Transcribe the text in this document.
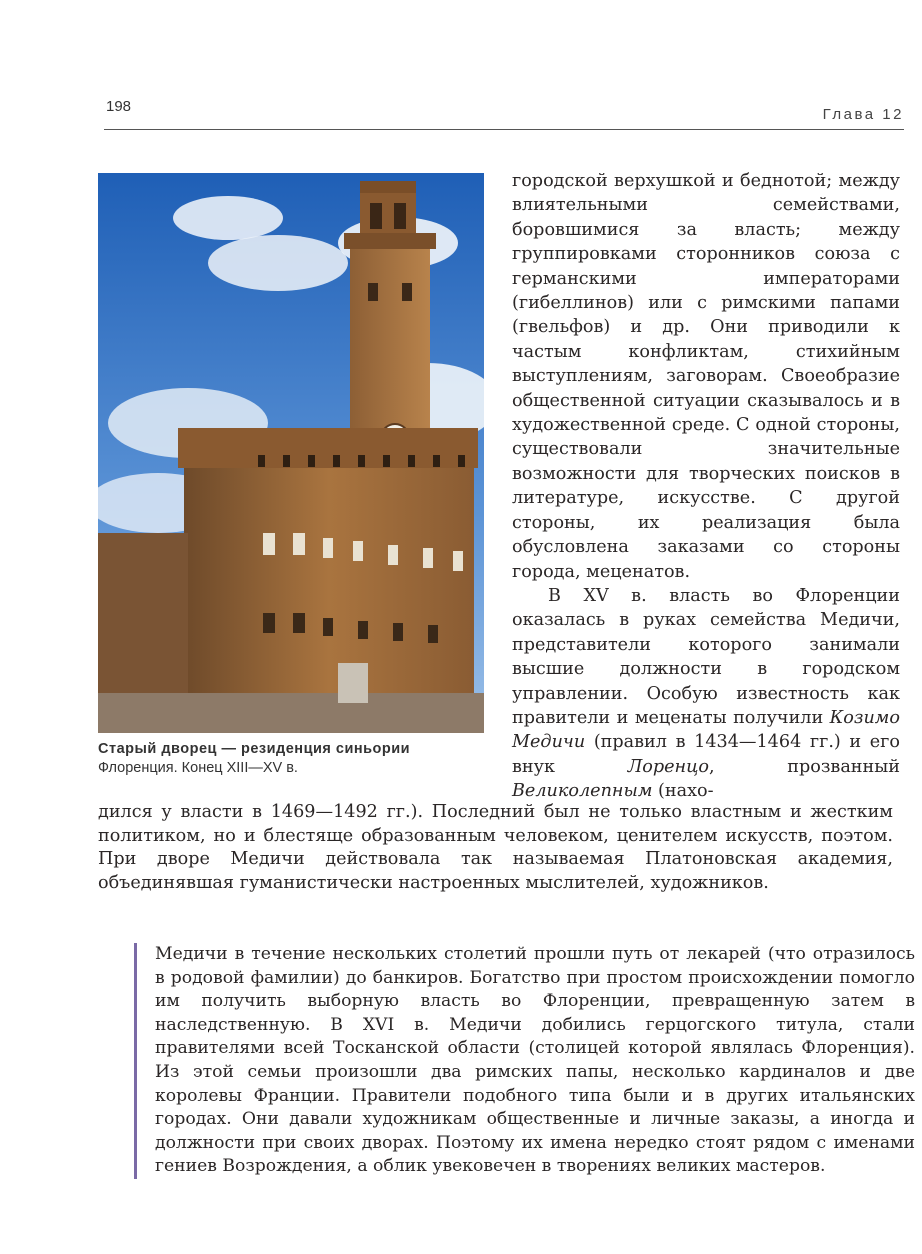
198	Глава 12
Старый дворец — резиденция синьории
Флоренция. Конец XIII—XV в.

городской верхушкой и беднотой; между влиятельными семействами, боровшимися за власть; между группировками сторонников союза с германскими императорами (гибеллинов) или с римскими папами (гвельфов) и др. Они приводили к частым конфликтам, стихийным выступлениям, заговорам. Своеобразие общественной ситуации сказывалось и в художественной среде. С одной стороны, существовали значительные возможности для творческих поисков в литературе, искусстве. С другой стороны, их реализация была обусловлена заказами со стороны города, меценатов.

В XV в. власть во Флоренции оказалась в руках семейства Медичи, представители которого занимали высшие должности в городском управлении. Особую известность как правители и меценаты получили Козимо Медичи (правил в 1434—1464 гг.) и его внук Лоренцо, прозванный Великолепным (нахо-

дился у власти в 1469—1492 гг.). Последний был не только властным и жестким политиком, но и блестяще образованным человеком, ценителем искусств, поэтом. При дворе Медичи действовала так называемая Платоновская академия, объединявшая гуманистически настроенных мыслителей, художников.

Медичи в течение нескольких столетий прошли путь от лекарей (что отразилось в родовой фамилии) до банкиров. Богатство при простом происхождении помогло им получить выборную власть во Флоренции, превращенную затем в наследственную. В XVI в. Медичи добились герцогского титула, стали правителями всей Тосканской области (столицей которой являлась Флоренция). Из этой семьи произошли два римских папы, несколько кардиналов и две королевы Франции. Правители подобного типа были и в других итальянских городах. Они давали художникам общественные и личные заказы, а иногда и должности при своих дворах. Поэтому их имена нередко стоят рядом с именами гениев Возрождения, а облик увековечен в творениях великих мастеров.
